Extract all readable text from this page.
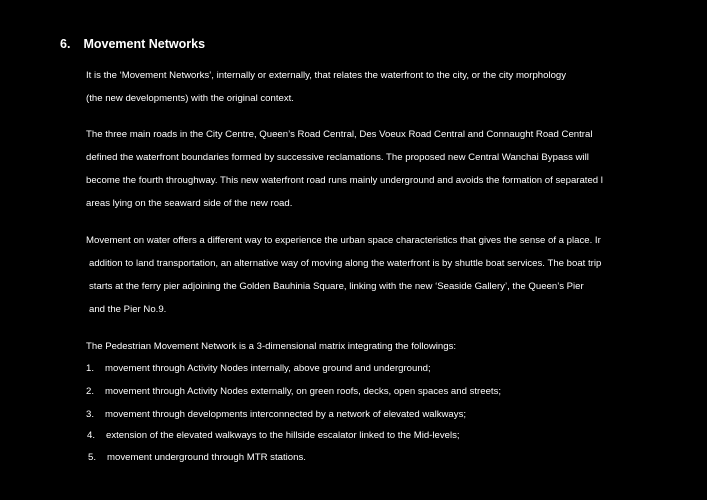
6. Movement Networks
It is the ‘Movement Networks’, internally or externally, that relates the waterfront to the city, or the city morphology
(the new developments) with the original context.
The three main roads in the City Centre, Queen’s Road Central, Des Voeux Road Central and Connaught Road Central
defined the waterfront boundaries formed by successive reclamations. The proposed new Central Wanchai Bypass will
become the fourth throughway. This new waterfront road runs mainly underground and avoids the formation of separated l
areas lying on the seaward side of the new road.
Movement on water offers a different way to experience the urban space characteristics that gives the sense of a place. Ir
addition to land transportation, an alternative way of moving along the waterfront is by shuttle boat services. The boat trip
starts at the ferry pier adjoining the Golden Bauhinia Square, linking with the new ‘Seaside Gallery’, the Queen’s Pier
and the Pier No.9.
The Pedestrian Movement Network is a 3-dimensional matrix integrating the followings:
1. movement through Activity Nodes internally, above ground and underground;
2. movement through Activity Nodes externally, on green roofs, decks, open spaces and streets;
3. movement through developments interconnected by a network of elevated walkways;
4. extension of the elevated walkways to the hillside escalator linked to the Mid-levels;
5. movement underground through MTR stations.
